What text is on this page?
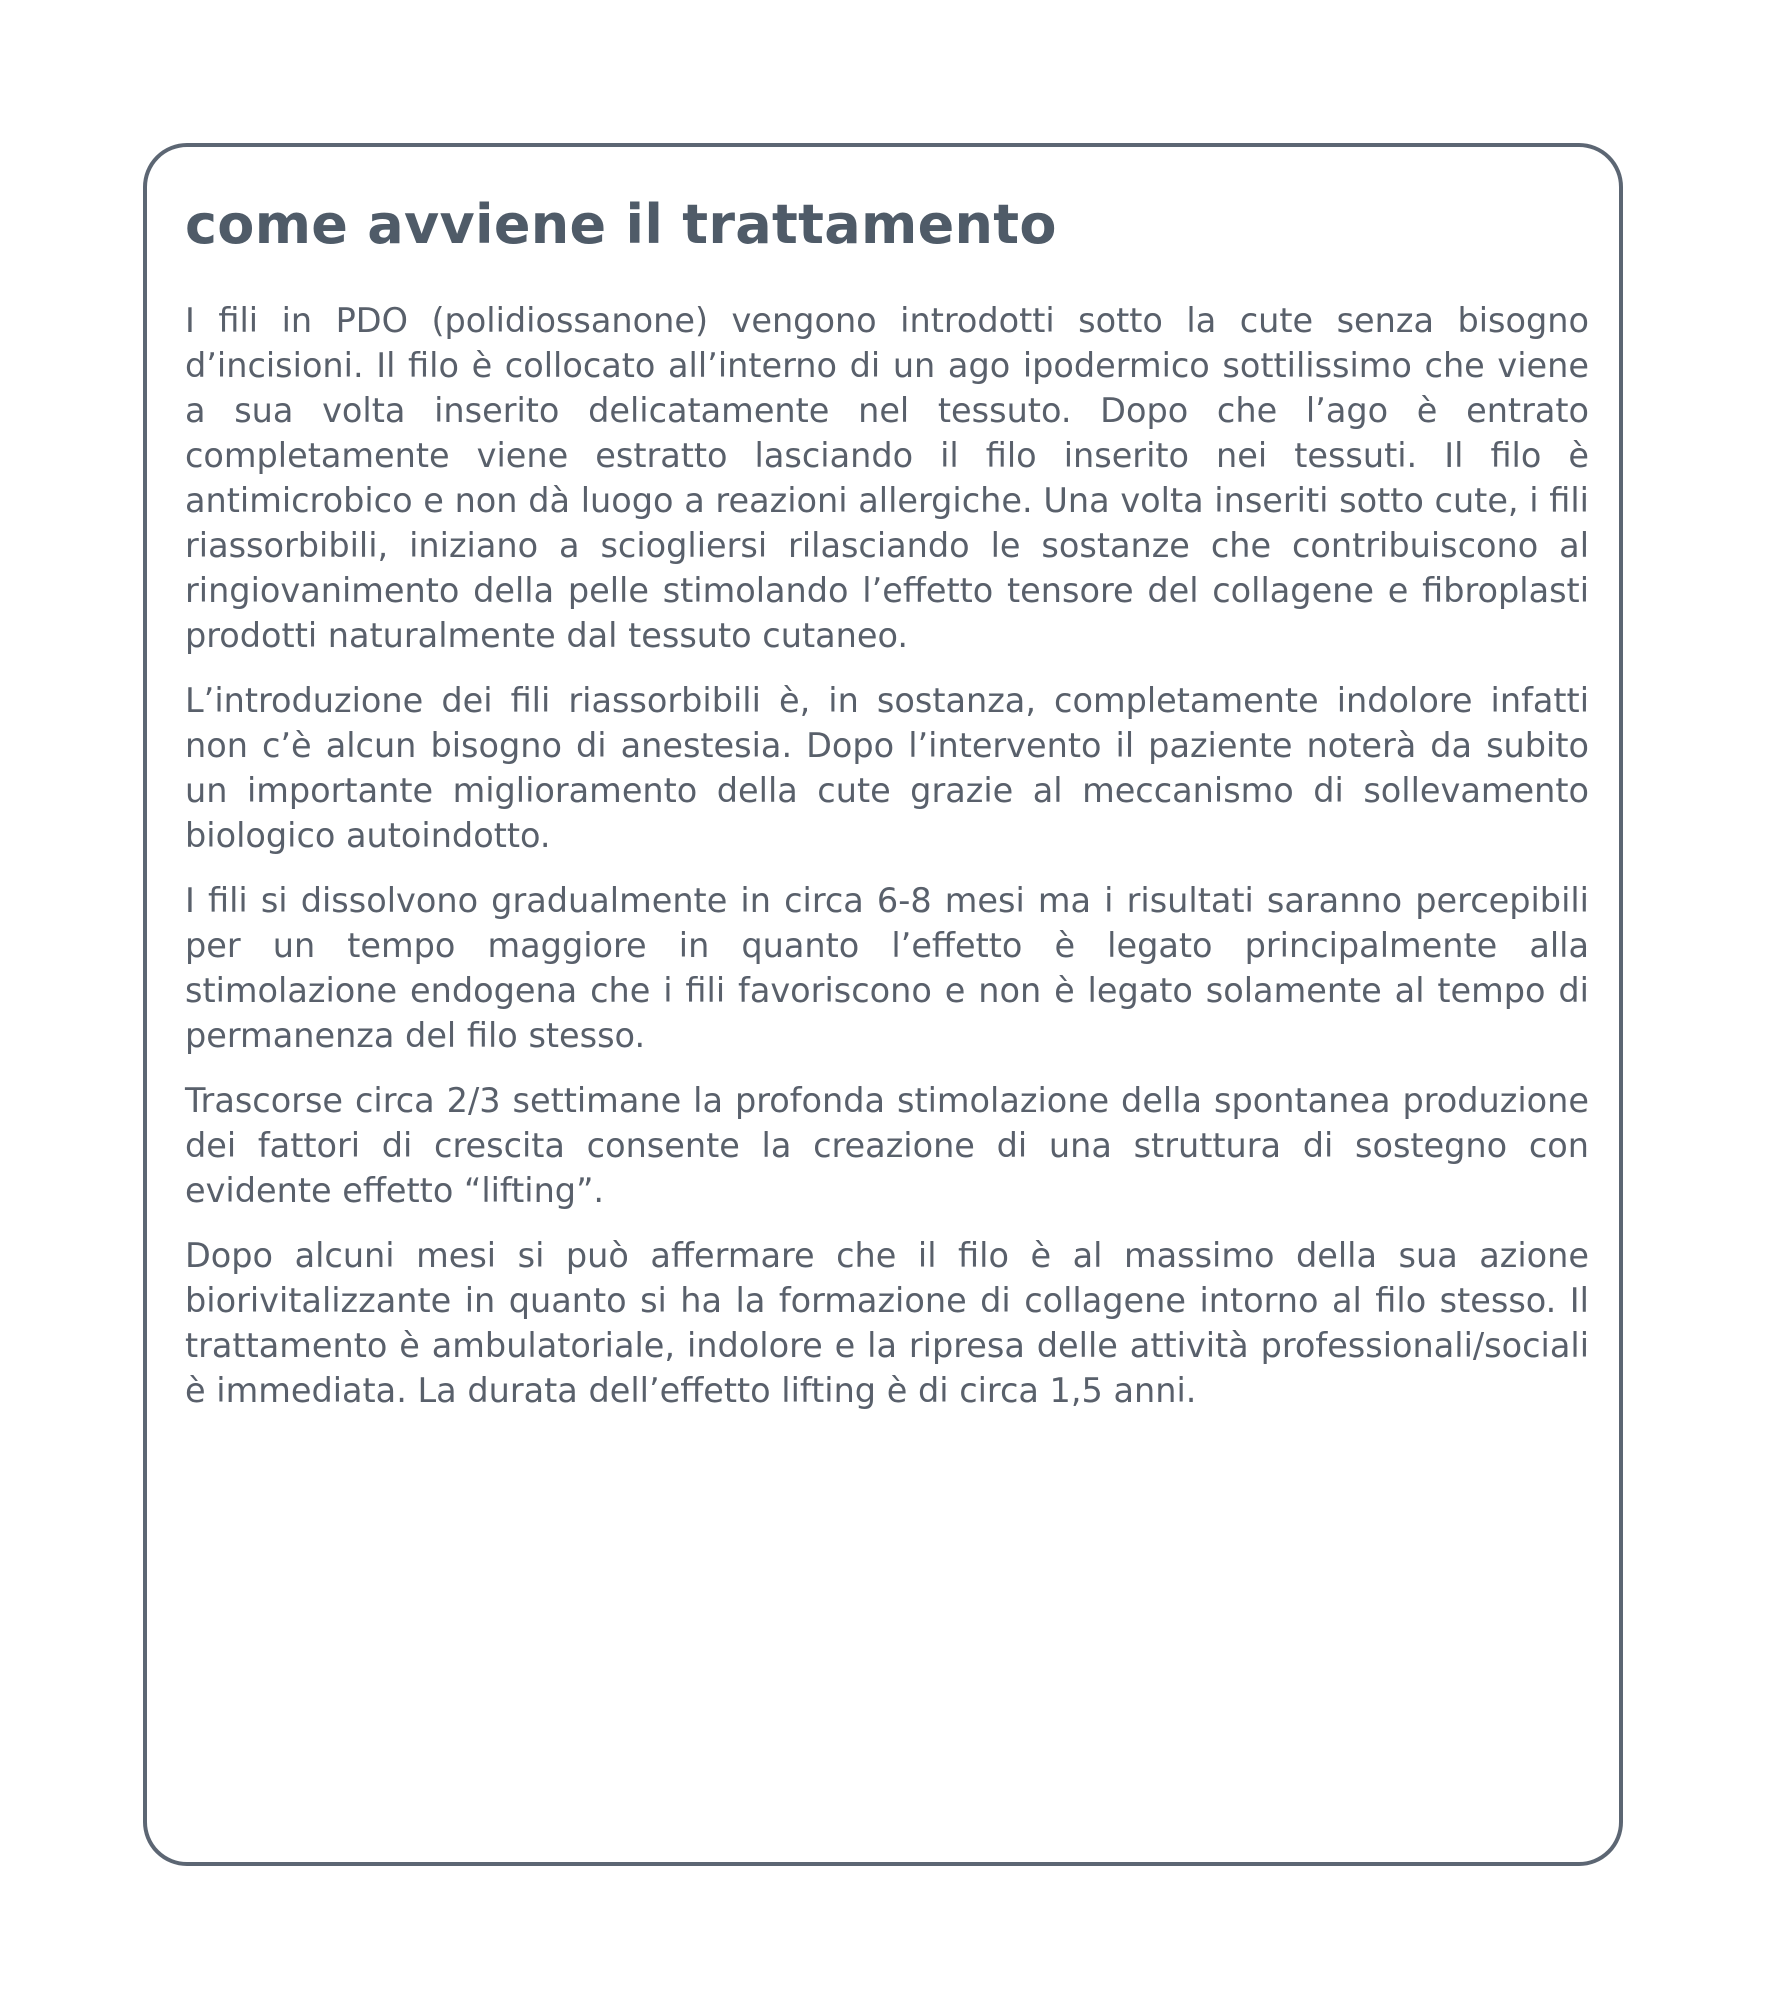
come avviene il trattamento

I fili in PDO (polidiossanone) vengono introdotti sotto la cute senza bisogno d’incisioni. Il filo è collocato all’interno di un ago ipodermico sottilissimo che viene a sua volta inserito delicatamente nel tessuto. Dopo che l’ago è entrato completamente viene estratto lasciando il filo inserito nei tessuti. Il filo è antimicrobico e non dà luogo a reazioni allergiche. Una volta inseriti sotto cute, i fili riassorbibili, iniziano a sciogliersi rilasciando le sostanze che contribuiscono al ringiovanimento della pelle stimolando l’effetto tensore del collagene e fibroplasti prodotti naturalmente dal tessuto cutaneo.

L’introduzione dei fili riassorbibili è, in sostanza, completamente indolore infatti non c’è alcun bisogno di anestesia. Dopo l’intervento il paziente noterà da subito un importante miglioramento della cute grazie al meccanismo di sollevamento biologico autoindotto.

I fili si dissolvono gradualmente in circa 6-8 mesi ma i risultati saranno percepibili per un tempo maggiore in quanto l’effetto è legato principalmente alla stimolazione endogena che i fili favoriscono e non è legato solamente al tempo di permanenza del filo stesso.

Trascorse circa 2/3 settimane la profonda stimolazione della spontanea produzione dei fattori di crescita consente la creazione di una struttura di sostegno con evidente effetto “lifting”.

Dopo alcuni mesi si può affermare che il filo è al massimo della sua azione biorivitalizzante in quanto si ha la formazione di collagene intorno al filo stesso. Il trattamento è ambulatoriale, indolore e la ripresa delle attività professionali/sociali è immediata. La durata dell’effetto lifting è di circa 1,5 anni.
